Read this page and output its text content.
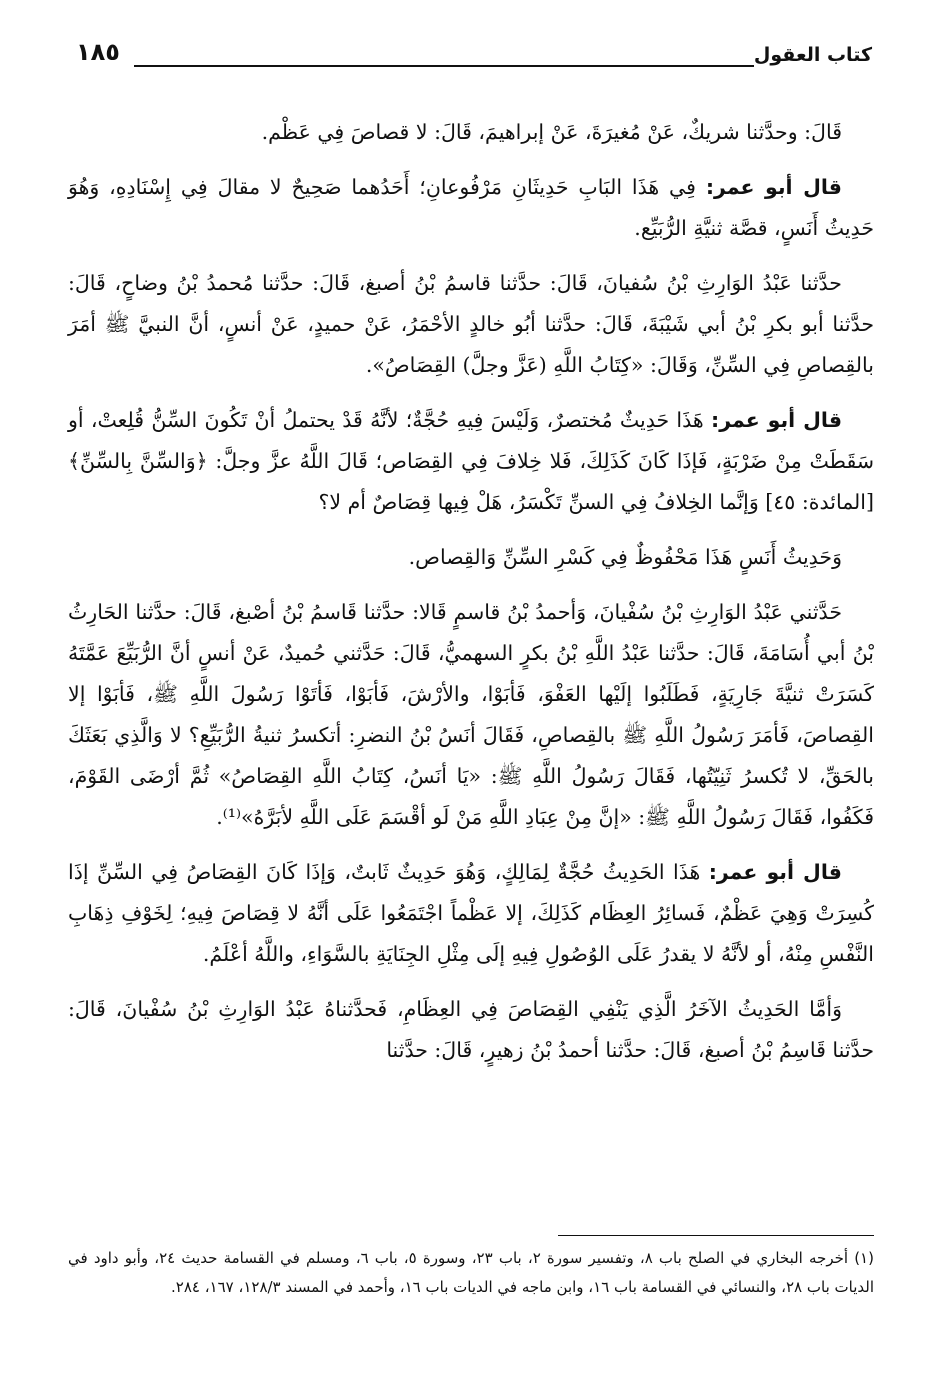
كتاب العقول
١٨٥

قَالَ: وحدَّثنا شريكٌ، عَنْ مُغيرَةَ، عَنْ إبراهيمَ، قَالَ: لا قصاصَ فِي عَظْم.

قال أبو عمر: فِي هَذَا البَابِ حَدِيثَانِ مَرْفُوعانِ؛ أَحَدُهما صَحِيحٌ لا مقالَ فِي إِسْنَادِهِ، وَهُوَ حَدِيثُ أَنَسٍ، قصَّة ثنيَّةِ الرُّبَيِّع.

حدَّثنا عَبْدُ الوَارِثِ بْنُ سُفيانَ، قَالَ: حدَّثنا قاسمُ بْنُ أصبغ، قَالَ: حدَّثنا مُحمدُ بْنُ وضاحٍ، قَالَ: حدَّثنا أبو بكرِ بْنُ أبي شَيْبَةَ، قَالَ: حدَّثنا أبُو خالدٍ الأحْمَرُ، عَنْ حميدٍ، عَنْ أنسٍ، أنَّ النبيَّ ﷺ أمَرَ بالقِصاصِ فِي السِّنِّ، وَقَالَ: «كِتَابُ اللَّهِ (عَزَّ وجلَّ) القِصَاصُ».

قال أبو عمر: هَذَا حَدِيثٌ مُختصرٌ، وَلَيْسَ فِيهِ حُجَّةٌ؛ لأنَّهُ قَدْ يحتملُ أنْ تَكُونَ السِّنُّ قُلِعتْ، أو سَقَطَتْ مِنْ ضَرْبَةٍ، فَإذَا كَانَ كَذَلِكَ، فَلا خِلافَ فِي القِصَاص؛ قَالَ اللَّهُ عزَّ وجلَّ: ﴿وَالسِّنَّ بِالسِّنِّ﴾ [المائدة: ٤٥] وَإنَّما الخِلافُ فِي السنِّ تَكْسَرُ، هَلْ فِيها قِصَاصٌ أم لا؟

وَحَدِيثُ أَنَسٍ هَذَا مَحْفُوظٌ فِي كَسْرِ السِّنِّ وَالقِصاص.

حَدَّثني عَبْدُ الوَارِثِ بْنُ سُفْيانَ، وَأحمدُ بْنُ قاسمٍ قَالا: حدَّثنا قَاسمُ بْنُ أصْبغ، قَالَ: حدَّثنا الحَارِثُ بْنُ أبي أُسَامَةَ، قَالَ: حدَّثنا عَبْدُ اللَّهِ بْنُ بكرٍ السهميُّ، قَالَ: حَدَّثني حُميدٌ، عَنْ أنسٍ أنَّ الرُّبَيِّعَ عَمَّتَهُ كَسَرَتْ ثنيَّةَ جَارِيَةٍ، فَطَلَبُوا إلَيْها العَفْوَ، فَأبَوْا، والأرْشَ، فَأبَوْا، فَأتَوْا رَسُولَ اللَّهِ ﷺ، فَأبَوْا إلا القِصاصَ، فَأمَرَ رَسُولُ اللَّهِ ﷺ بالقِصاصِ، فَقَالَ أنَسُ بْنُ النضرِ: أتكسرُ ثنيةُ الرُّبَيِّعِ؟ لا وَالَّذِي بَعَثَكَ بالحَقِّ، لا تُكسرُ ثَنِيّتُها، فَقَالَ رَسُولُ اللَّهِ ﷺ: «يَا أنَسُ، كِتَابُ اللَّهِ القِصَاصُ» ثُمَّ أرْضَى القَوْمَ، فَكَفُوا، فَقَالَ رَسُولُ اللَّهِ ﷺ: «إنَّ مِنْ عِبَادِ اللَّهِ مَنْ لَو أقْسَمَ عَلَى اللَّهِ لأبَرَّهُ»⁽¹⁾.

قال أبو عمر: هَذَا الحَدِيثُ حُجَّةٌ لِمَالِكٍ، وَهُوَ حَدِيثٌ ثَابتٌ، وَإذَا كَانَ القِصَاصُ فِي السِّنِّ إذَا كُسِرَتْ وَهِيَ عَظْمٌ، فَسائِرُ العِظَام كَذَلِكَ، إلا عَظْماً اجْتَمَعُوا عَلَى أنَّهُ لا قِصَاصَ فِيهِ؛ لِخَوْفِ ذِهَابِ النَّفْسِ مِنْهُ، أو لأنَّهُ لا يقدرُ عَلَى الوُصُولِ فِيهِ إلَى مِثْلِ الجِنَايَةِ بالسَّوَاءِ، واللَّهُ أعْلَمُ.

وَأمَّا الحَدِيثُ الآخَرُ الَّذِي يَنْفِي القِصَاصَ فِي العِظَامِ، فَحدَّثناهُ عَبْدُ الوَارِثِ بْنُ سُفْيانَ، قَالَ: حدَّثنا قَاسِمُ بْنُ أصبغ، قَالَ: حدَّثنا أحمدُ بْنُ زهيرٍ، قَالَ: حدَّثنا

(١) أخرجه البخاري في الصلح باب ٨، وتفسير سورة ٢، باب ٢٣، وسورة ٥، باب ٦، ومسلم في القسامة حديث ٢٤، وأبو داود في الديات باب ٢٨، والنسائي في القسامة باب ١٦، وابن ماجه في الديات باب ١٦، وأحمد في المسند ١٢٨/٣، ١٦٧، ٢٨٤.
